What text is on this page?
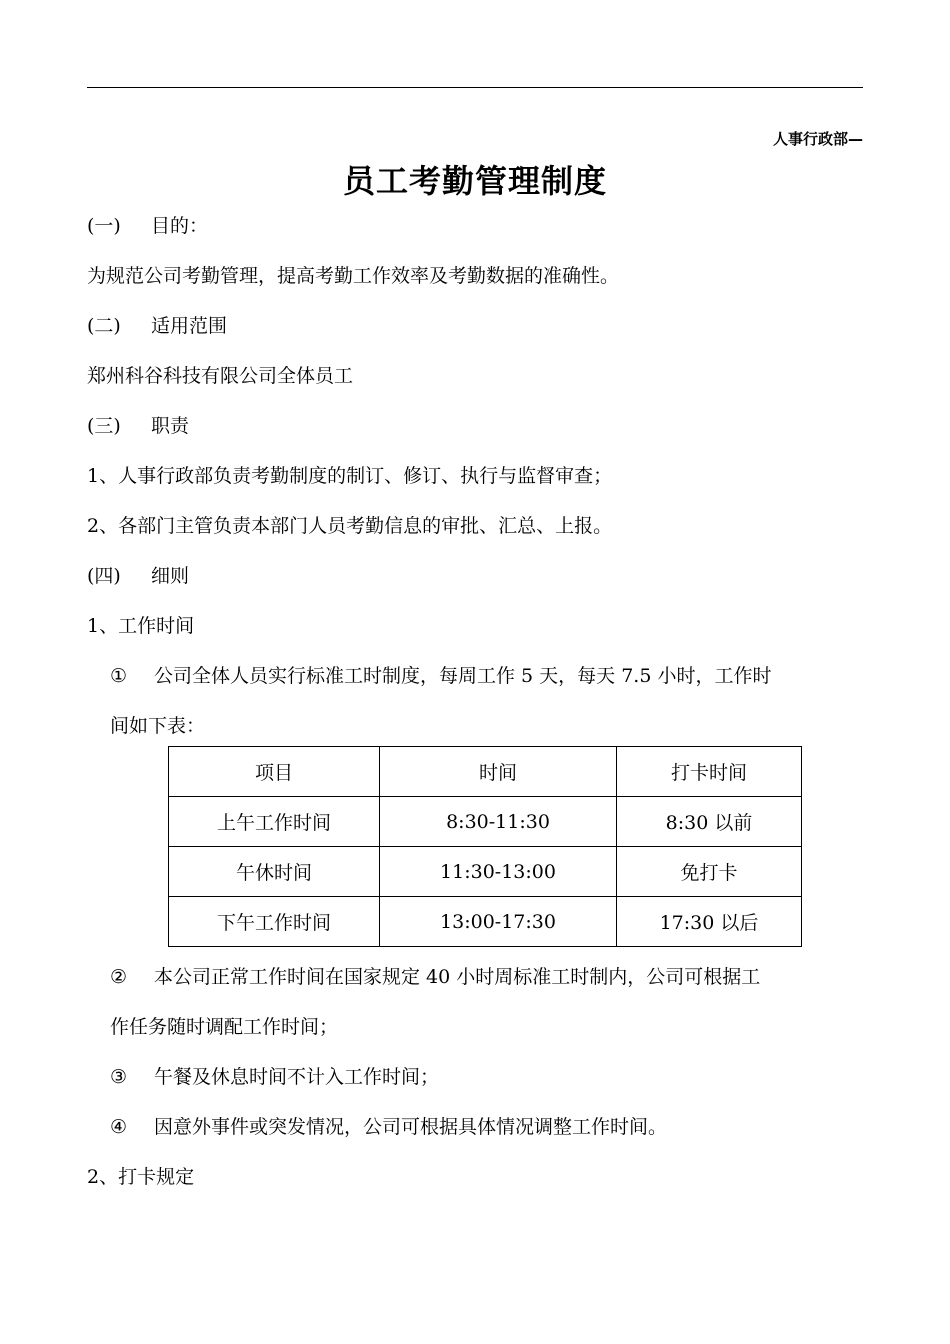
人事行政部—
员工考勤管理制度
(一) 目的：
为规范公司考勤管理，提高考勤工作效率及考勤数据的准确性。
(二) 适用范围
郑州科谷科技有限公司全体员工
(三) 职责
1、人事行政部负责考勤制度的制订、修订、执行与监督审查；
2、各部门主管负责本部门人员考勤信息的审批、汇总、上报。
(四) 细则
1、工作时间
① 公司全体人员实行标准工时制度，每周工作 5 天，每天 7.5 小时，工作时
间如下表：
项目	时间	打卡时间
上午工作时间	8:30-11:30	8:30 以前
午休时间	11:30-13:00	免打卡
下午工作时间	13:00-17:30	17:30 以后
② 本公司正常工作时间在国家规定 40 小时周标准工时制内，公司可根据工
作任务随时调配工作时间；
③ 午餐及休息时间不计入工作时间；
④ 因意外事件或突发情况，公司可根据具体情况调整工作时间。
2、打卡规定
